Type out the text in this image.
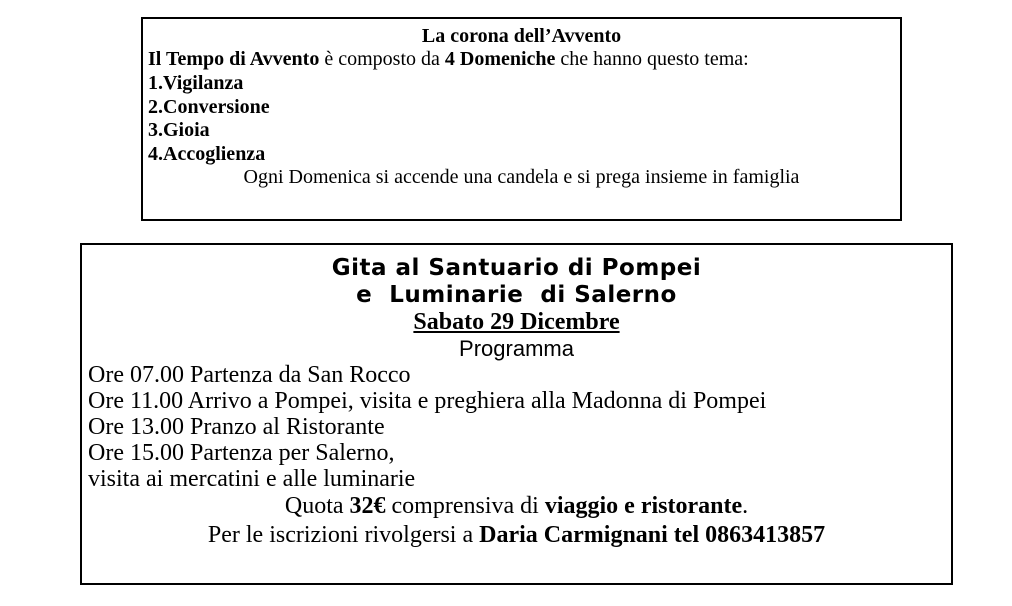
La corona dell’Avvento
Il Tempo di Avvento è composto da 4 Domeniche che hanno questo tema:
1.Vigilanza
2.Conversione
3.Gioia
4.Accoglienza
Ogni Domenica si accende una candela e si prega insieme in famiglia
Gita al Santuario di Pompei
e  Luminarie  di Salerno
Sabato 29 Dicembre
Programma
Ore 07.00 Partenza da San Rocco
Ore 11.00 Arrivo a Pompei, visita e preghiera alla Madonna di Pompei
Ore 13.00 Pranzo al Ristorante
Ore 15.00 Partenza per Salerno,
visita ai mercatini e alle luminarie
Quota 32€ comprensiva di viaggio e ristorante.
Per le iscrizioni rivolgersi a Daria Carmignani tel 0863413857
